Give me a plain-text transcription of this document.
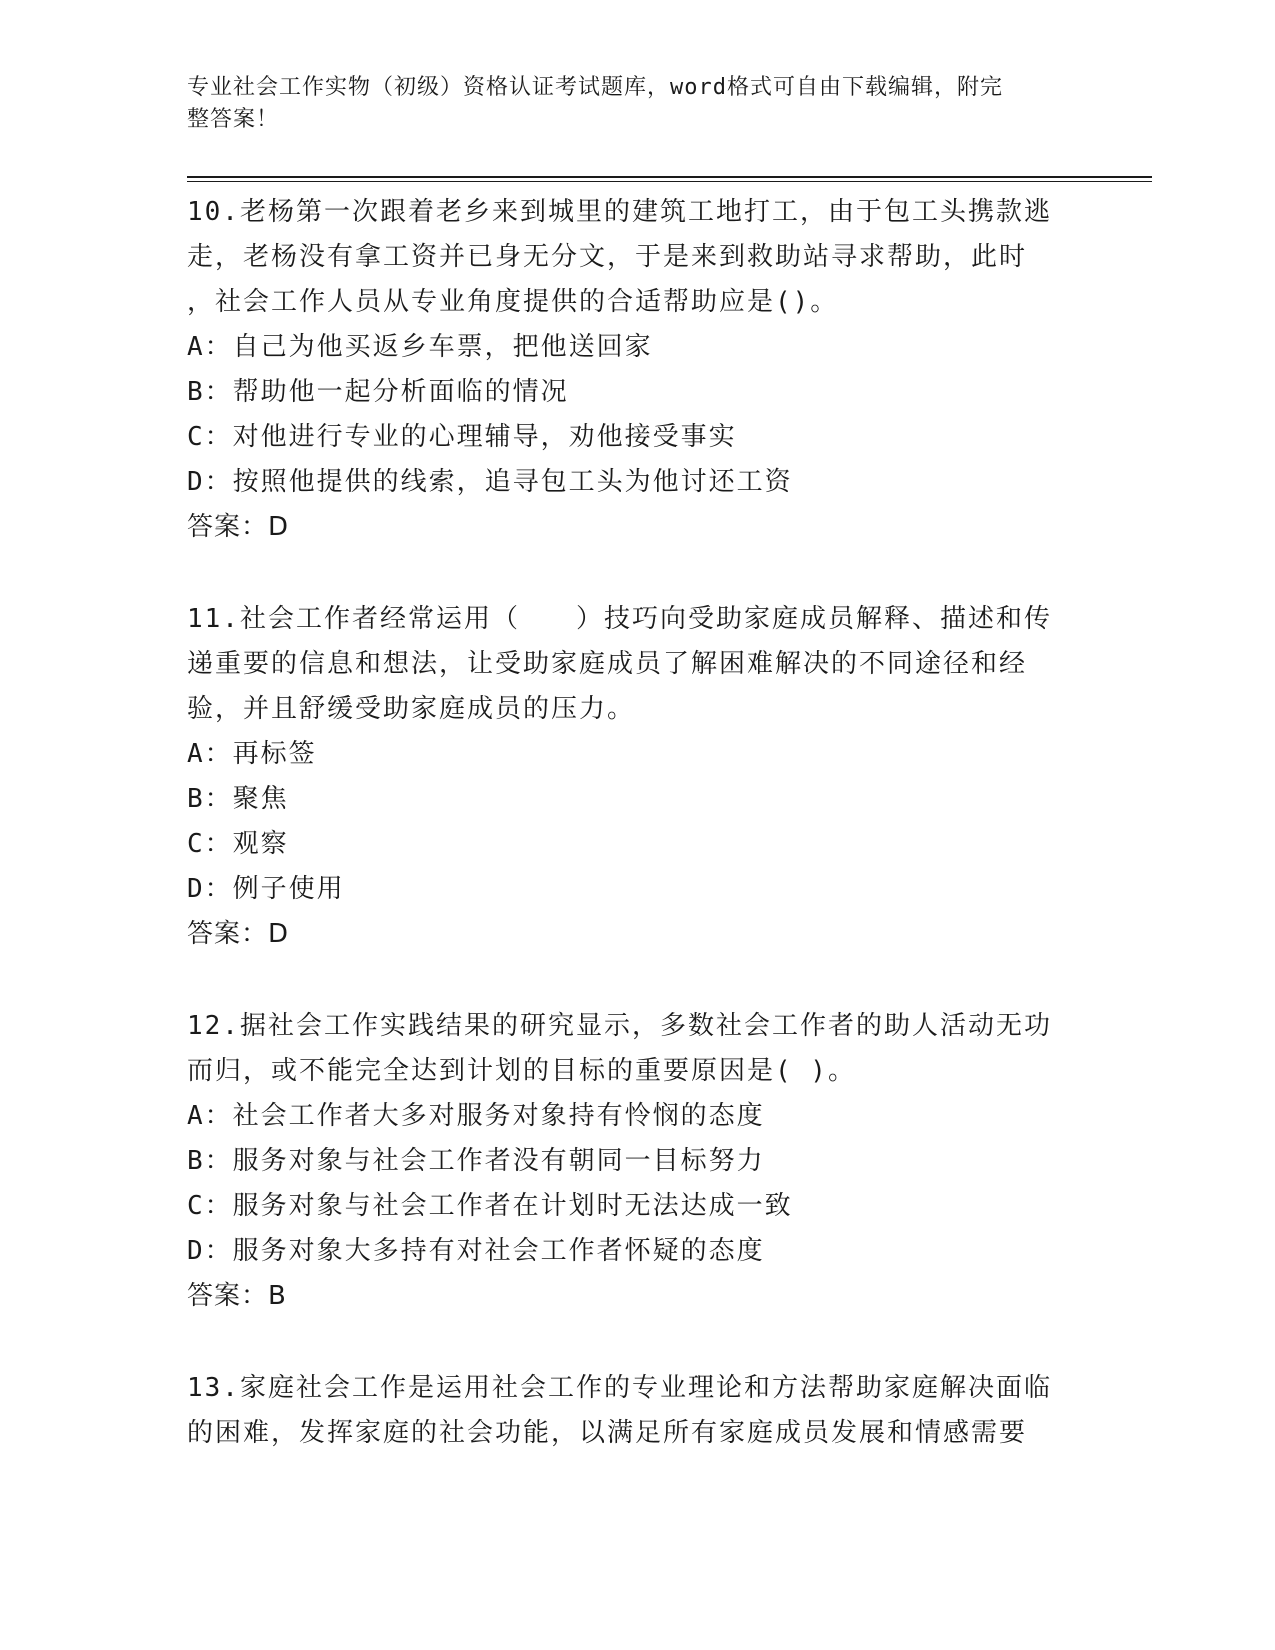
专业社会工作实物（初级）资格认证考试题库，word格式可自由下载编辑，附完
整答案！
10.老杨第一次跟着老乡来到城里的建筑工地打工，由于包工头携款逃
走，老杨没有拿工资并已身无分文，于是来到救助站寻求帮助，此时
，社会工作人员从专业角度提供的合适帮助应是()。
A：自己为他买返乡车票，把他送回家
B：帮助他一起分析面临的情况
C：对他进行专业的心理辅导，劝他接受事实
D：按照他提供的线索，追寻包工头为他讨还工资
答案：D
11.社会工作者经常运用（　　）技巧向受助家庭成员解释、描述和传
递重要的信息和想法，让受助家庭成员了解困难解决的不同途径和经
验，并且舒缓受助家庭成员的压力。
A：再标签
B：聚焦
C：观察
D：例子使用
答案：D
12.据社会工作实践结果的研究显示，多数社会工作者的助人活动无功
而归，或不能完全达到计划的目标的重要原因是( )。
A：社会工作者大多对服务对象持有怜悯的态度
B：服务对象与社会工作者没有朝同一目标努力
C：服务对象与社会工作者在计划时无法达成一致
D：服务对象大多持有对社会工作者怀疑的态度
答案：B
13.家庭社会工作是运用社会工作的专业理论和方法帮助家庭解决面临
的困难，发挥家庭的社会功能，以满足所有家庭成员发展和情感需要
